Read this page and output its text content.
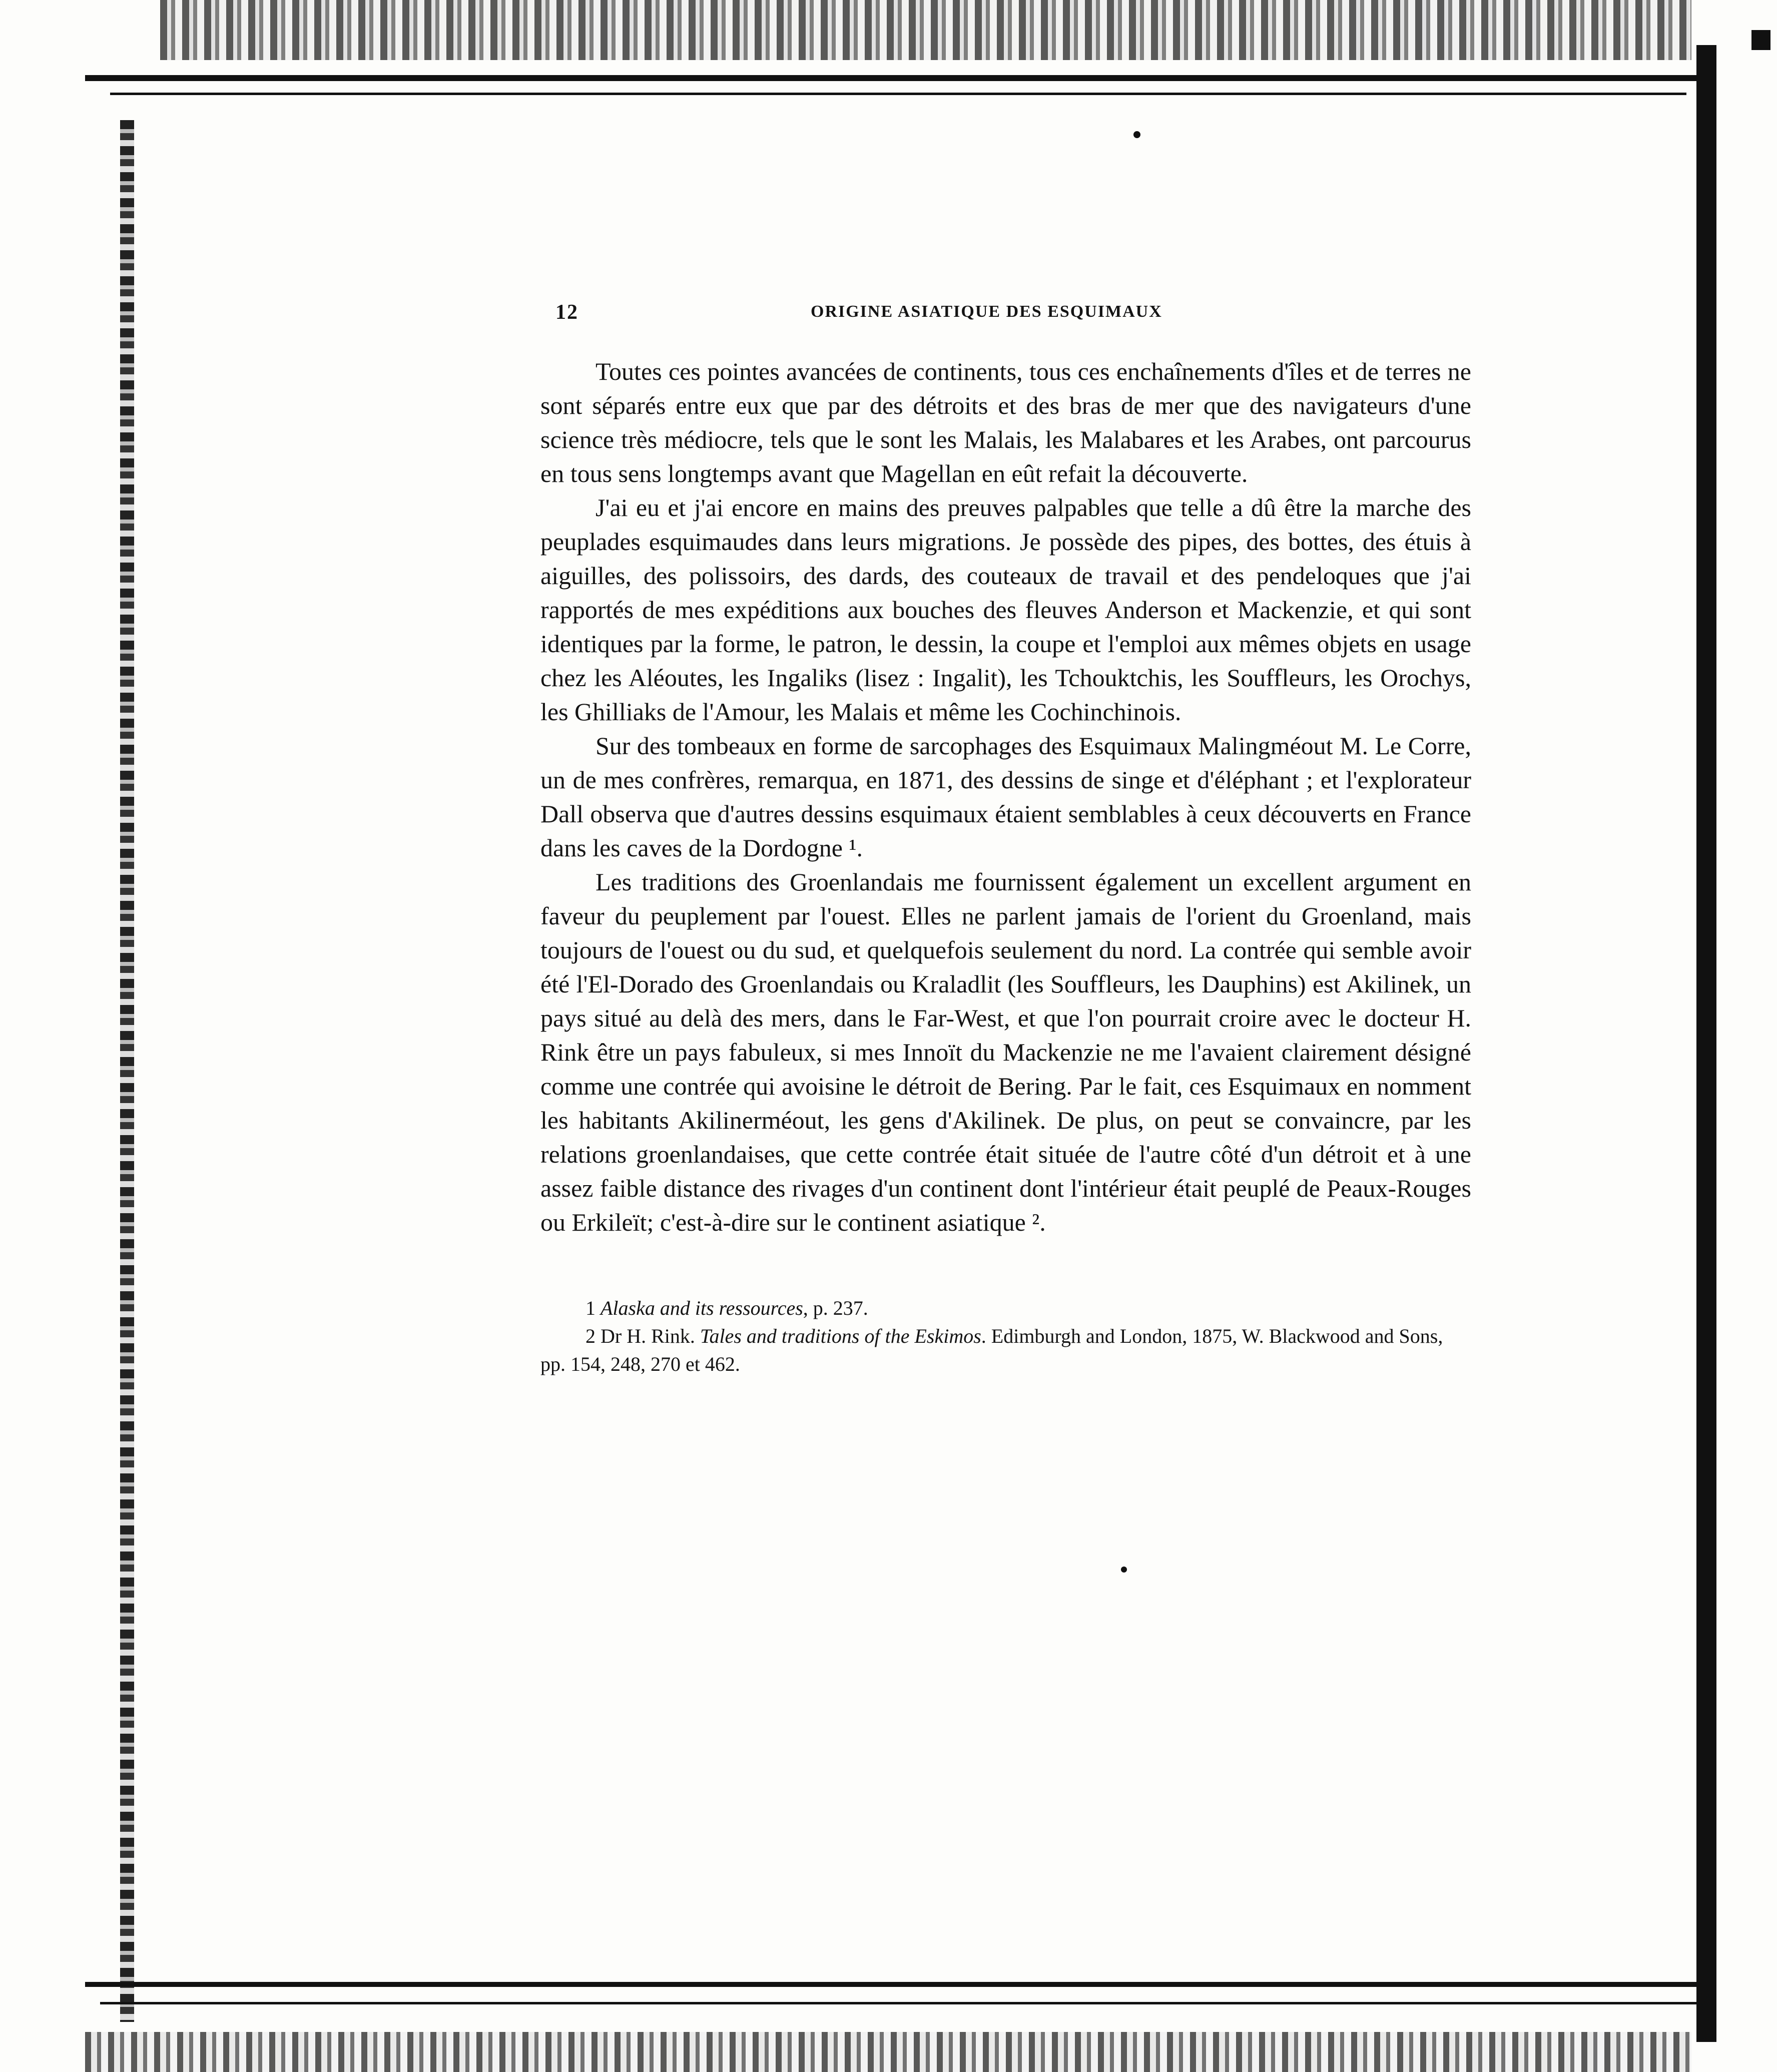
12	ORIGINE ASIATIQUE DES ESQUIMAUX

Toutes ces pointes avancées de continents, tous ces enchaînements d'îles et de terres ne sont séparés entre eux que par des détroits et des bras de mer que des navigateurs d'une science très médiocre, tels que le sont les Malais, les Malabares et les Arabes, ont parcourus en tous sens longtemps avant que Magellan en eût refait la découverte.

J'ai eu et j'ai encore en mains des preuves palpables que telle a dû être la marche des peuplades esquimaudes dans leurs migrations. Je possède des pipes, des bottes, des étuis à aiguilles, des polissoirs, des dards, des couteaux de travail et des pendeloques que j'ai rapportés de mes expéditions aux bouches des fleuves Anderson et Mackenzie, et qui sont identiques par la forme, le patron, le dessin, la coupe et l'emploi aux mêmes objets en usage chez les Aléoutes, les Ingaliks (lisez : Ingalit), les Tchouktchis, les Souffleurs, les Orochys, les Ghilliaks de l'Amour, les Malais et même les Cochinchinois.

Sur des tombeaux en forme de sarcophages des Esquimaux Malingméout M. Le Corre, un de mes confrères, remarqua, en 1871, des dessins de singe et d'éléphant ; et l'explorateur Dall observa que d'autres dessins esquimaux étaient semblables à ceux découverts en France dans les caves de la Dordogne ¹.

Les traditions des Groenlandais me fournissent également un excellent argument en faveur du peuplement par l'ouest. Elles ne parlent jamais de l'orient du Groenland, mais toujours de l'ouest ou du sud, et quelquefois seulement du nord. La contrée qui semble avoir été l'El-Dorado des Groenlandais ou Kraladlit (les Souffleurs, les Dauphins) est Akilinek, un pays situé au delà des mers, dans le Far-West, et que l'on pourrait croire avec le docteur H. Rink être un pays fabuleux, si mes Innoït du Mackenzie ne me l'avaient clairement désigné comme une contrée qui avoisine le détroit de Bering. Par le fait, ces Esquimaux en nomment les habitants Akilinerméout, les gens d'Akilinek. De plus, on peut se convaincre, par les relations groenlandaises, que cette contrée était située de l'autre côté d'un détroit et à une assez faible distance des rivages d'un continent dont l'intérieur était peuplé de Peaux-Rouges ou Erkileït; c'est-à-dire sur le continent asiatique ².

1 Alaska and its ressources, p. 237.

2 Dr H. Rink. Tales and traditions of the Eskimos. Edimburgh and London, 1875, W. Blackwood and Sons, pp. 154, 248, 270 et 462.
